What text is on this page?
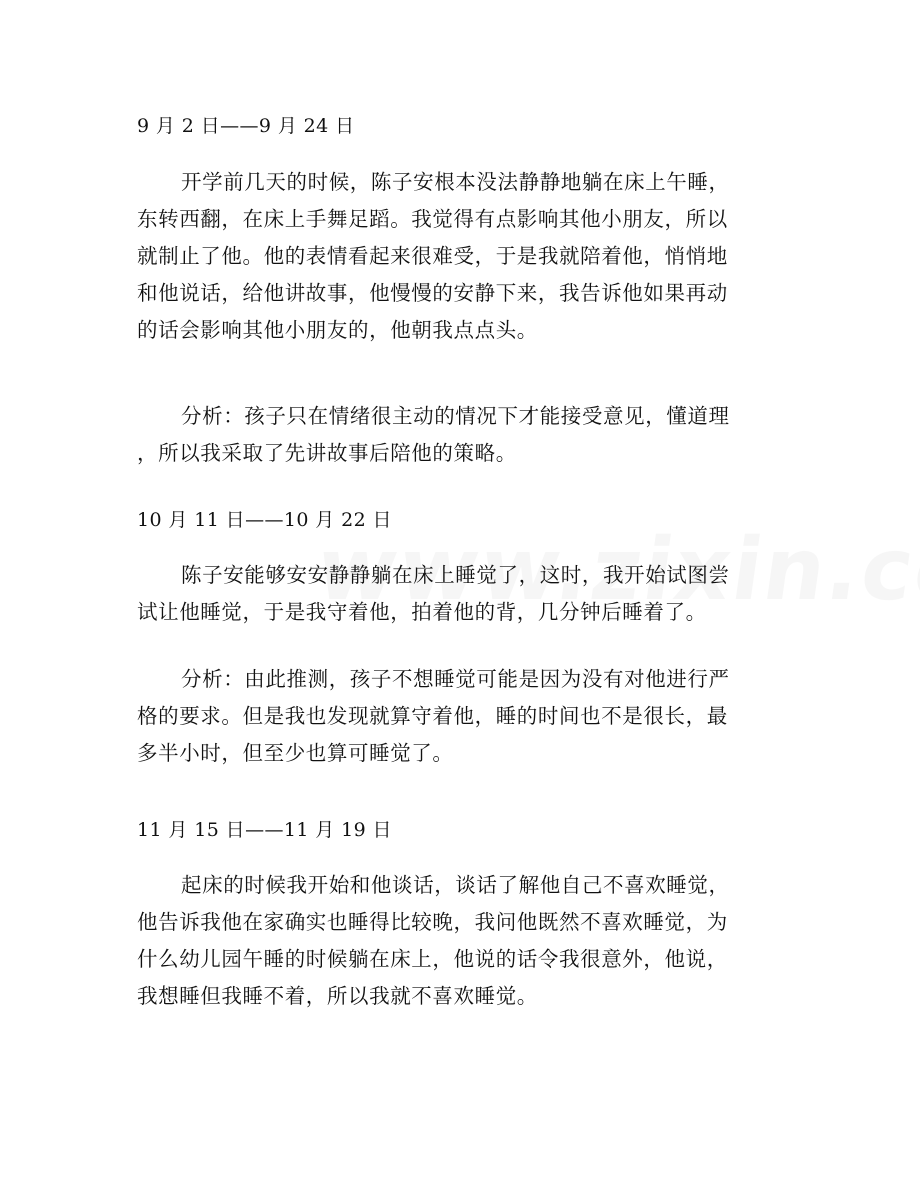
9 月 2 日——9 月 24 日

开学前几天的时候，陈子安根本没法静静地躺在床上午睡，

东转西翻，在床上手舞足蹈。我觉得有点影响其他小朋友，所以

就制止了他。他的表情看起来很难受，于是我就陪着他，悄悄地

和他说话，给他讲故事，他慢慢的安静下来，我告诉他如果再动

的话会影响其他小朋友的，他朝我点点头。

分析：孩子只在情绪很主动的情况下才能接受意见，懂道理

，所以我采取了先讲故事后陪他的策略。

10 月 11 日——10 月 22 日

陈子安能够安安静静躺在床上睡觉了，这时，我开始试图尝

试让他睡觉，于是我守着他，拍着他的背，几分钟后睡着了。

分析：由此推测，孩子不想睡觉可能是因为没有对他进行严

格的要求。但是我也发现就算守着他，睡的时间也不是很长，最

多半小时，但至少也算可睡觉了。

11 月 15 日——11 月 19 日

起床的时候我开始和他谈话，谈话了解他自己不喜欢睡觉，

他告诉我他在家确实也睡得比较晚，我问他既然不喜欢睡觉，为

什么幼儿园午睡的时候躺在床上，他说的话令我很意外，他说，

我想睡但我睡不着，所以我就不喜欢睡觉。
